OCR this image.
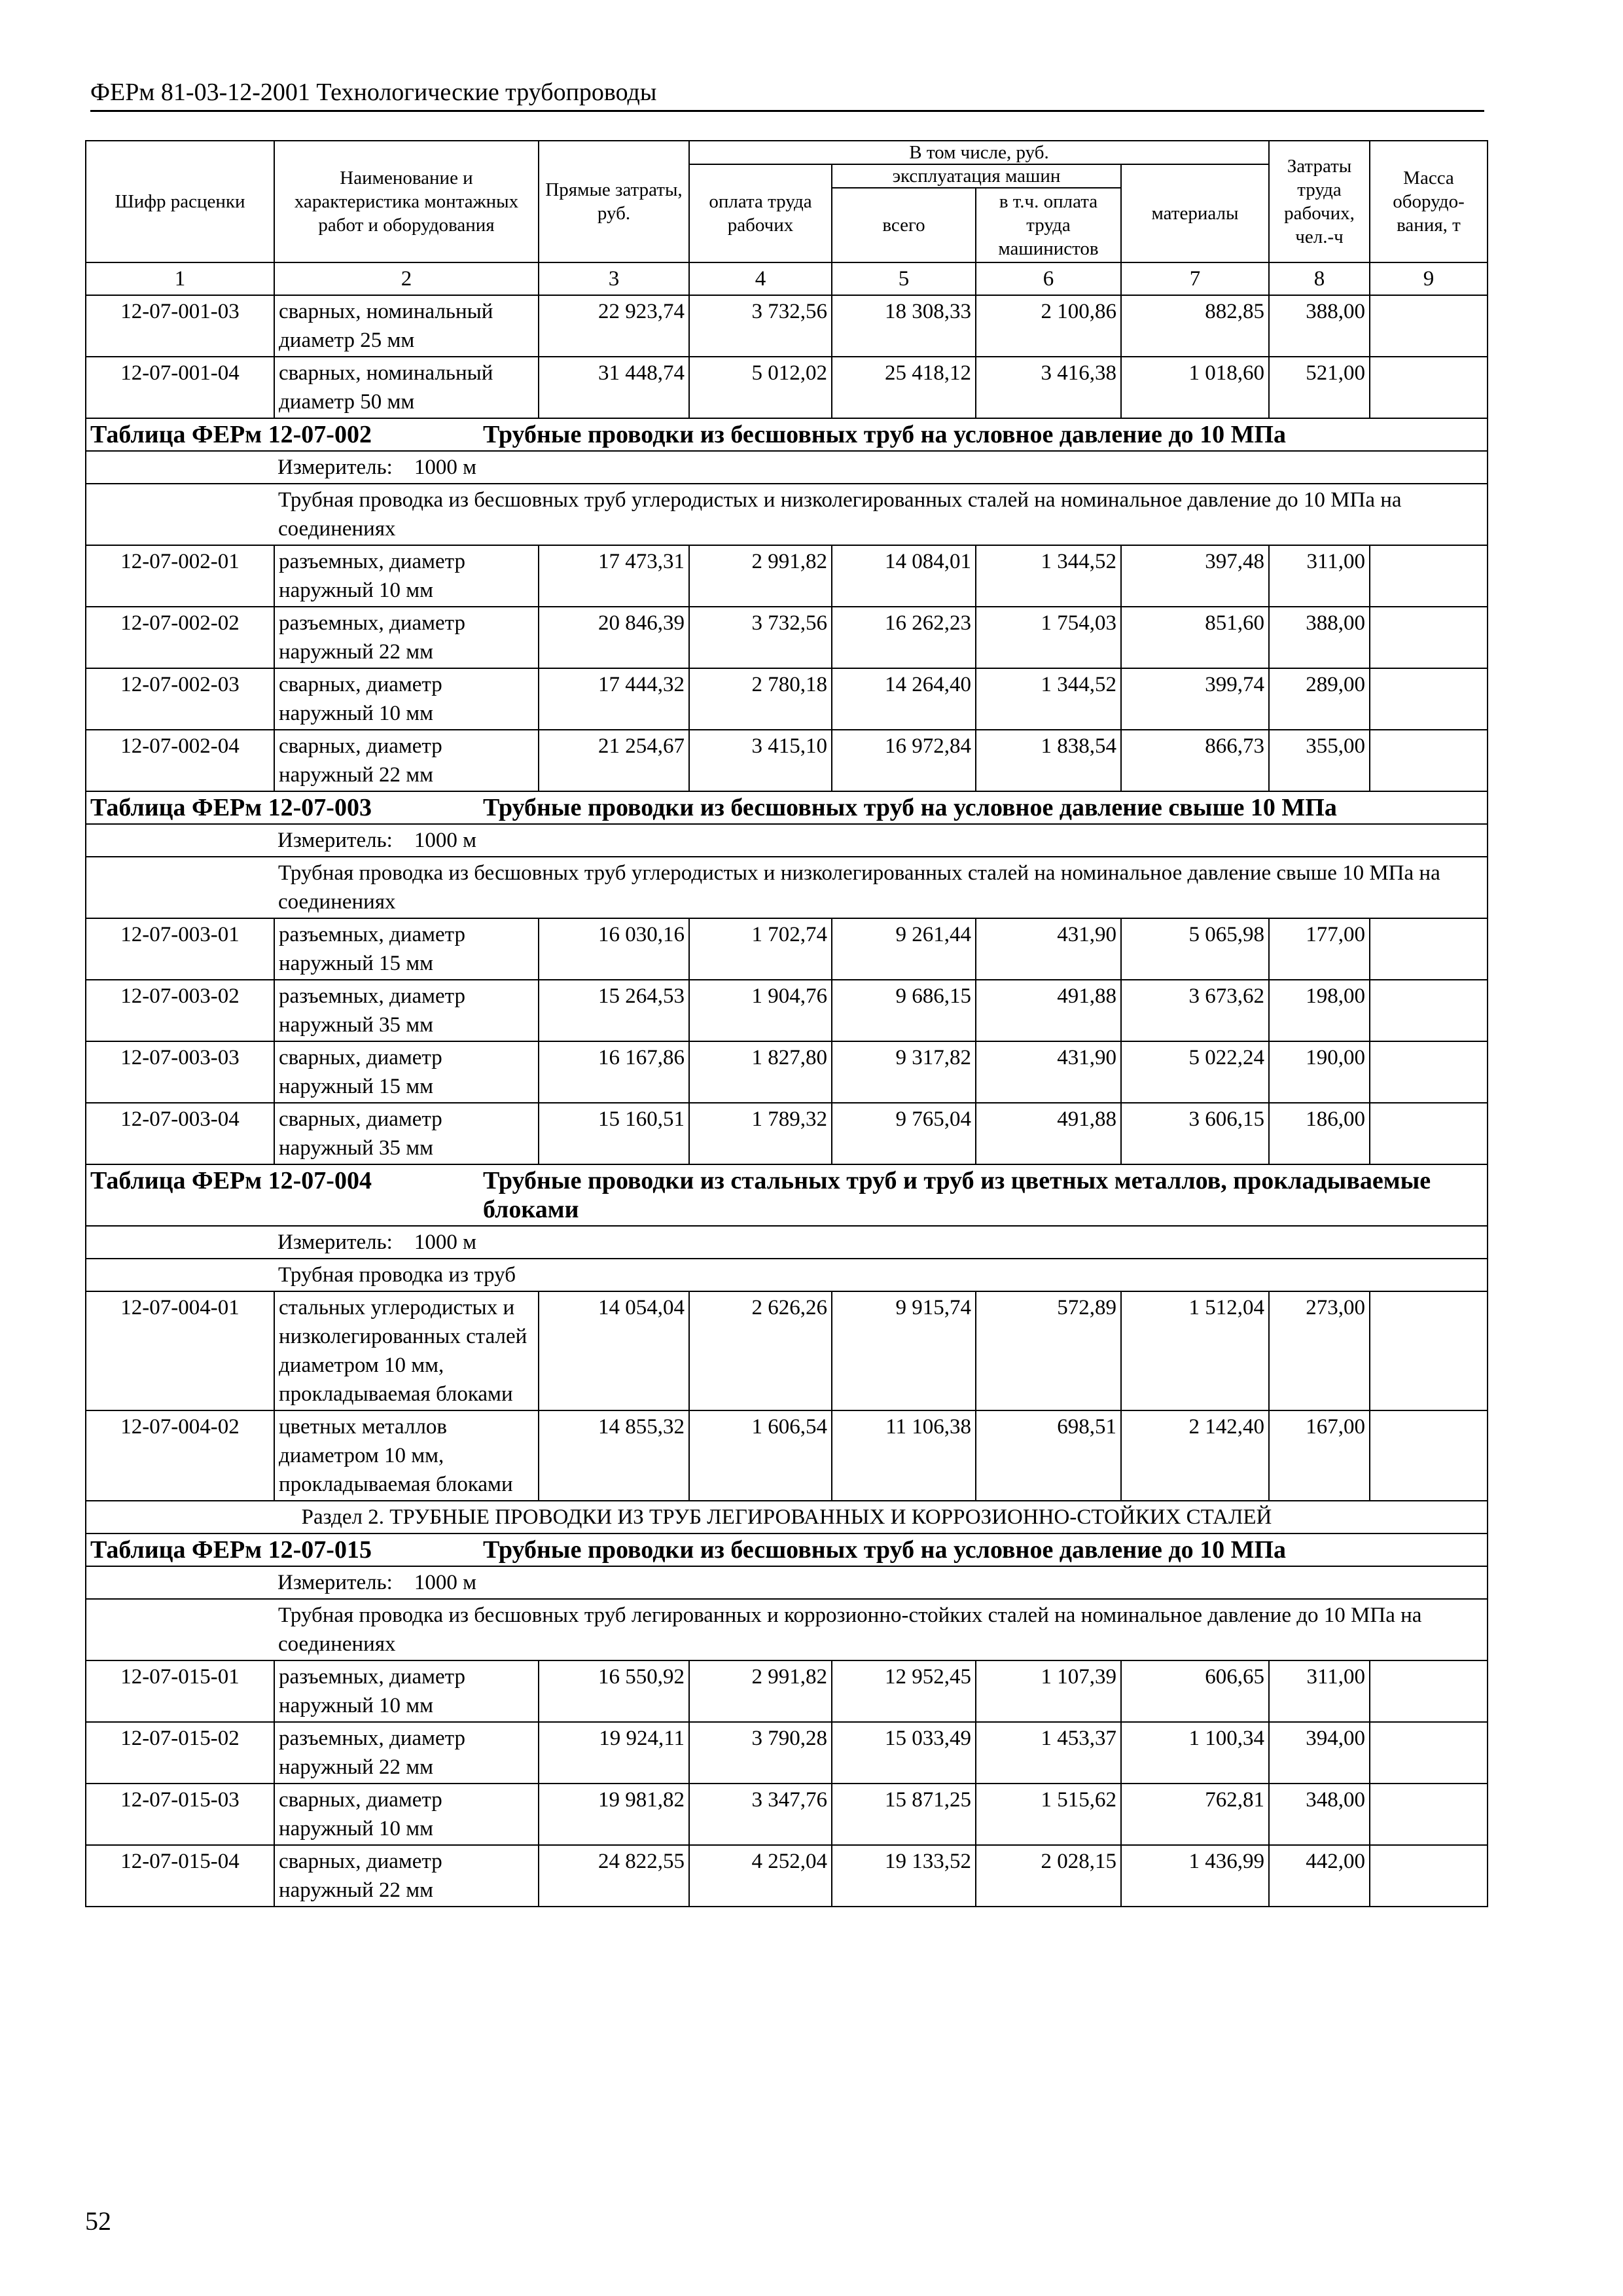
ФЕРм 81-03-12-2001 Технологические трубопроводы
Шифр расценки	Наименование и характеристика монтажных работ и оборудования	Прямые затраты, руб.	В том числе, руб.				Затраты труда рабочих, чел.-ч	Масса оборудо-вания, т
			оплата труда рабочих	эксплуатация машин		материалы		
				всего	в т.ч. оплата труда машинистов			
1	2	3	4	5	6	7	8	9
12-07-001-03	сварных, номинальный диаметр 25 мм	22 923,74	3 732,56	18 308,33	2 100,86	882,85	388,00	
12-07-001-04	сварных, номинальный диаметр 50 мм	31 448,74	5 012,02	25 418,12	3 416,38	1 018,60	521,00	

Таблица ФЕРм 12-07-002 Трубные проводки из бесшовных труб на условное давление до 10 МПа								

Измеритель:    1000 м								
	Трубная проводка из бесшовных труб углеродистых и низколегированных сталей на номинальное давление до 10 МПа на соединениях							
12-07-002-01	разъемных, диаметр наружный 10 мм	17 473,31	2 991,82	14 084,01	1 344,52	397,48	311,00	
12-07-002-02	разъемных, диаметр наружный 22 мм	20 846,39	3 732,56	16 262,23	1 754,03	851,60	388,00	
12-07-002-03	сварных, диаметр наружный 10 мм	17 444,32	2 780,18	14 264,40	1 344,52	399,74	289,00	
12-07-002-04	сварных, диаметр наружный 22 мм	21 254,67	3 415,10	16 972,84	1 838,54	866,73	355,00	

Таблица ФЕРм 12-07-003 Трубные проводки из бесшовных труб на условное давление свыше 10 МПа								

Измеритель:    1000 м								
	Трубная проводка из бесшовных труб углеродистых и низколегированных сталей на номинальное давление свыше 10 МПа на соединениях							
12-07-003-01	разъемных, диаметр наружный 15 мм	16 030,16	1 702,74	9 261,44	431,90	5 065,98	177,00	
12-07-003-02	разъемных, диаметр наружный 35 мм	15 264,53	1 904,76	9 686,15	491,88	3 673,62	198,00	
12-07-003-03	сварных, диаметр наружный 15 мм	16 167,86	1 827,80	9 317,82	431,90	5 022,24	190,00	
12-07-003-04	сварных, диаметр наружный 35 мм	15 160,51	1 789,32	9 765,04	491,88	3 606,15	186,00	

Таблица ФЕРм 12-07-004 Трубные проводки из стальных труб и труб из цветных металлов, прокладываемые блоками								

Измеритель:    1000 м								
	Трубная проводка из труб							
12-07-004-01	стальных углеродистых и низколегированных сталей диаметром 10 мм, прокладываемая блоками	14 054,04	2 626,26	9 915,74	572,89	1 512,04	273,00	
12-07-004-02	цветных металлов диаметром 10 мм, прокладываемая блоками	14 855,32	1 606,54	11 106,38	698,51	2 142,40	167,00	
Раздел 2. ТРУБНЫЕ ПРОВОДКИ ИЗ ТРУБ ЛЕГИРОВАННЫХ И КОРРОЗИОННО-СТОЙКИХ СТАЛЕЙ								

Таблица ФЕРм 12-07-015 Трубные проводки из бесшовных труб на условное давление до 10 МПа								

Измеритель:    1000 м								
	Трубная проводка из бесшовных труб легированных и коррозионно-стойких сталей на номинальное давление до 10 МПа на соединениях							
12-07-015-01	разъемных, диаметр наружный 10 мм	16 550,92	2 991,82	12 952,45	1 107,39	606,65	311,00	
12-07-015-02	разъемных, диаметр наружный 22 мм	19 924,11	3 790,28	15 033,49	1 453,37	1 100,34	394,00	
12-07-015-03	сварных, диаметр наружный 10 мм	19 981,82	3 347,76	15 871,25	1 515,62	762,81	348,00	
12-07-015-04	сварных, диаметр наружный 22 мм	24 822,55	4 252,04	19 133,52	2 028,15	1 436,99	442,00	
52
